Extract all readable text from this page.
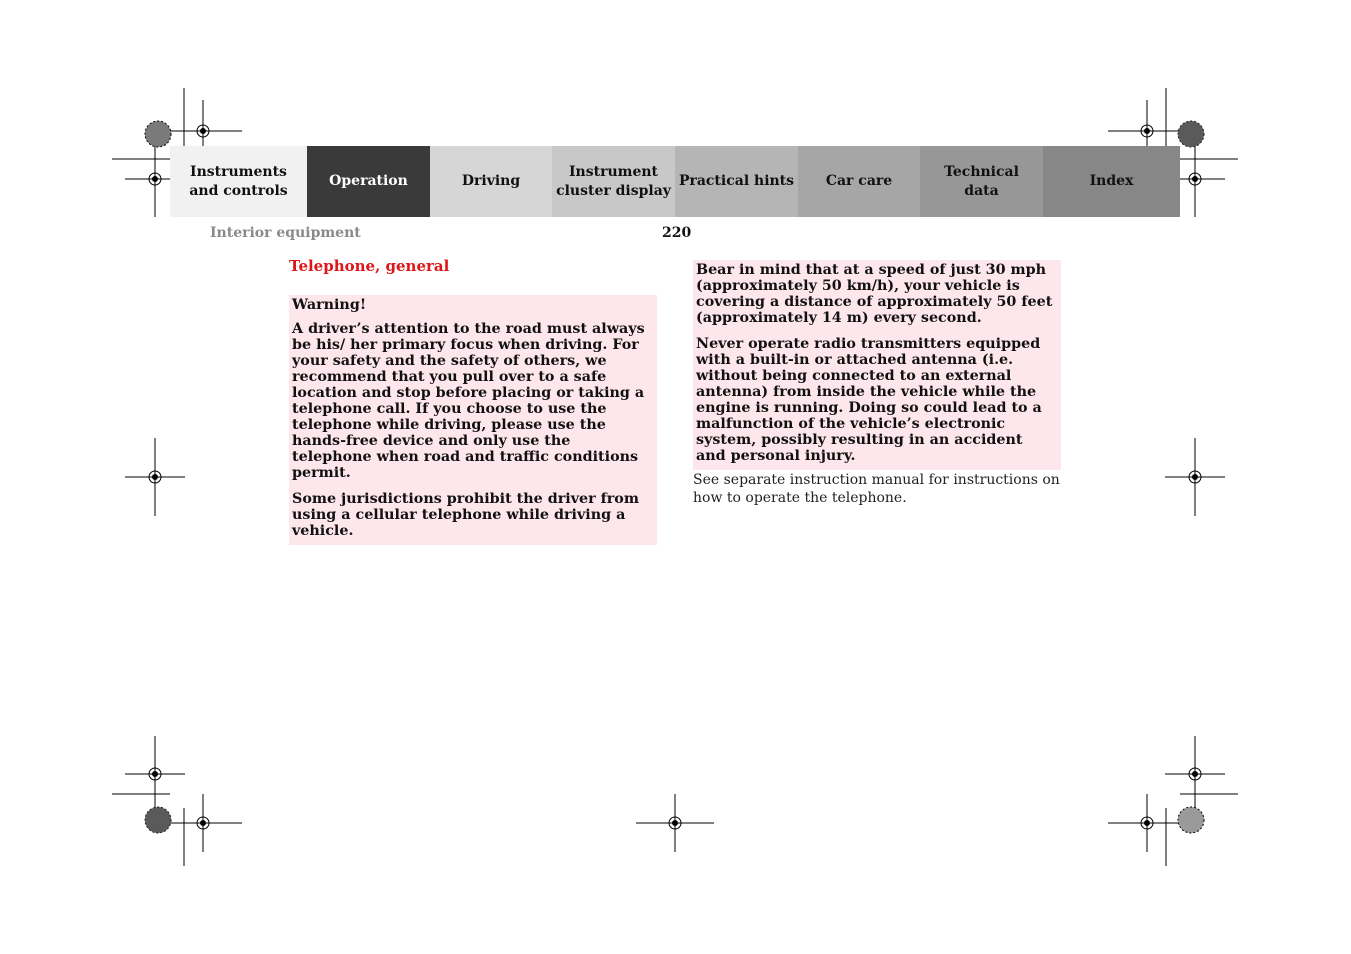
Instruments
and controls
Operation	Driving
Instrument
cluster display
Practical hints Car care
Technical
data
Index
Interior equipment	220
Telephone, general

Warning!

A driver’s attention to the road must always be his/ her primary focus when driving. For your safety and the safety of others, we recommend that you pull over to a safe location and stop before placing or taking a telephone call. If you choose to use the telephone while driving, please use the hands-free device and only use the telephone when road and traffic conditions permit.

Some jurisdictions prohibit the driver from using a cellular telephone while driving a vehicle.

Bear in mind that at a speed of just 30 mph (approximately 50 km/h), your vehicle is covering a distance of approximately 50 feet (approximately 14 m) every second.

Never operate radio transmitters equipped with a built-in or attached antenna (i.e. without being connected to an external antenna) from inside the vehicle while the engine is running. Doing so could lead to a malfunction of the vehicle’s electronic system, possibly resulting in an accident and personal injury.

See separate instruction manual for instructions on how to operate the telephone.
